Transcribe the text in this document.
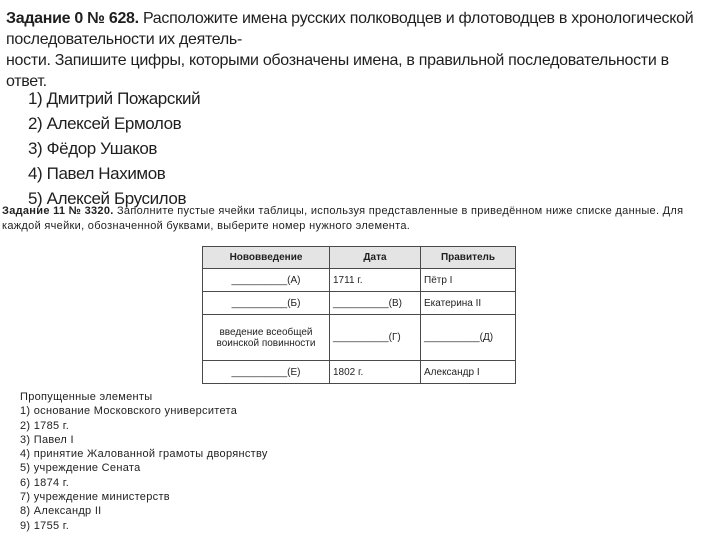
Задание 0 № 628. Расположите имена русских полководцев и флотоводцев в хронологической последовательности их деятель-
ности. Запишите цифры, которыми обозначены имена, в правильной последовательности в ответ.

1) Дмитрий Пожарский
2) Алексей Ермолов
3) Фёдор Ушаков
4) Павел Нахимов
5) Алексей Брусилов

Задание 11 № 3320. Заполните пустые ячейки таблицы, используя представленные в приведённом ниже списке данные. Для каждой ячейки, обозначенной буквами, выберите номер нужного элемента.

Нововведение	Дата	Правитель
__________(А)	1711 г.	Пётр I
__________(Б)	__________(В)	Екатерина II
введение всеобщей воинской повинности	__________(Г)	__________(Д)
__________(Е)	1802 г.	Александр I
Пропущенные элементы
1) основание Московского университета
2) 1785 г.
3) Павел I
4) принятие Жалованной грамоты дворянству
5) учреждение Сената
6) 1874 г.
7) учреждение министерств
8) Александр II
9) 1755 г.
